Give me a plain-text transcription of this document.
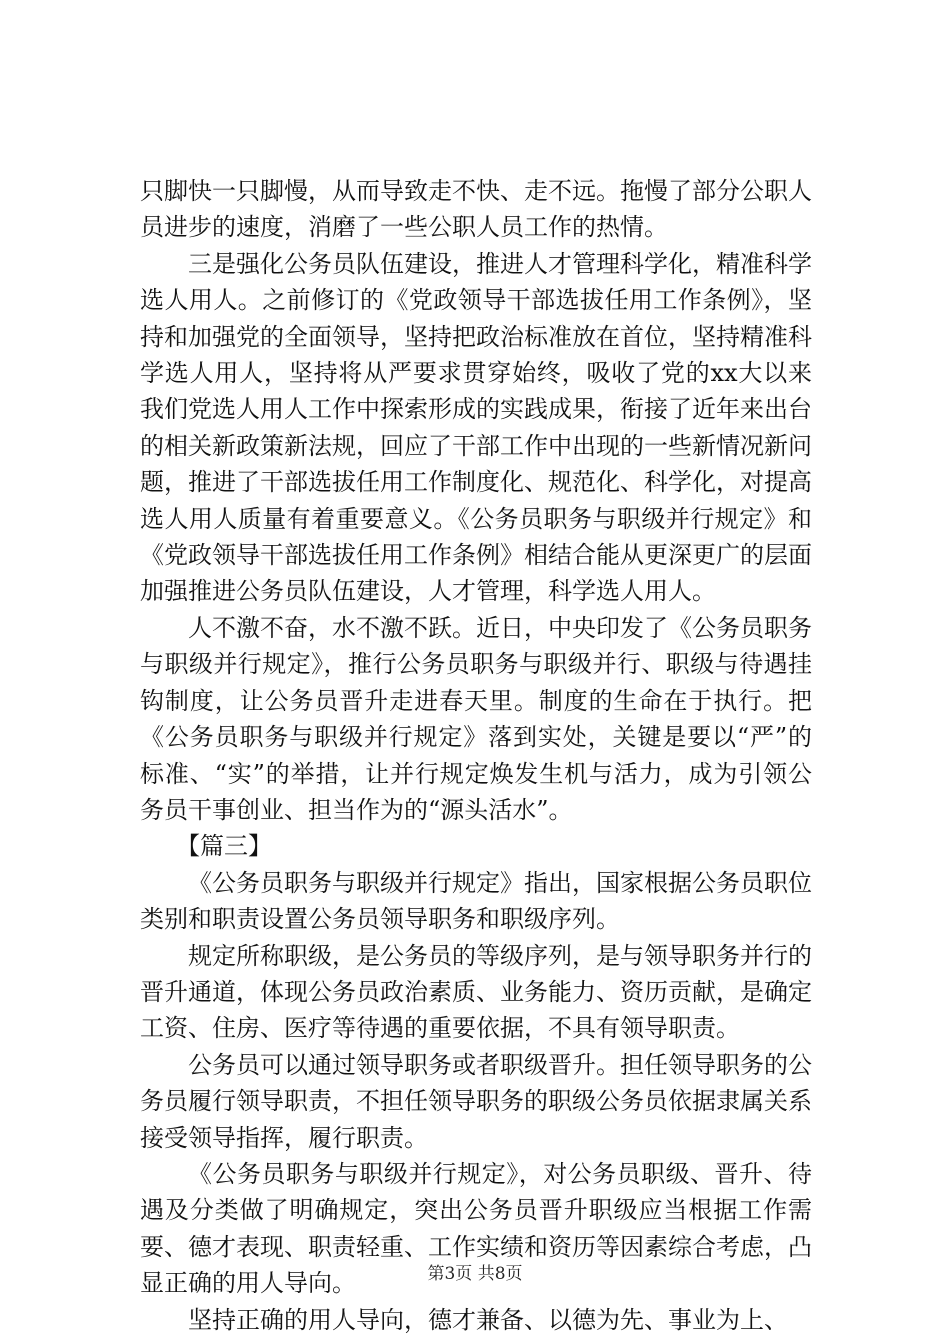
只脚快一只脚慢，从而导致走不快、走不远。拖慢了部分公职人员进步的速度，消磨了一些公职人员工作的热情。

三是强化公务员队伍建设，推进人才管理科学化，精准科学选人用人。之前修订的《党政领导干部选拔任用工作条例》，坚持和加强党的全面领导，坚持把政治标准放在首位，坚持精准科学选人用人，坚持将从严要求贯穿始终，吸收了党的xx大以来我们党选人用人工作中探索形成的实践成果，衔接了近年来出台的相关新政策新法规，回应了干部工作中出现的一些新情况新问题，推进了干部选拔任用工作制度化、规范化、科学化，对提高选人用人质量有着重要意义。《公务员职务与职级并行规定》和《党政领导干部选拔任用工作条例》相结合能从更深更广的层面加强推进公务员队伍建设，人才管理，科学选人用人。

人不激不奋，水不激不跃。近日，中央印发了《公务员职务与职级并行规定》，推行公务员职务与职级并行、职级与待遇挂钩制度，让公务员晋升走进春天里。制度的生命在于执行。把《公务员职务与职级并行规定》落到实处，关键是要以“严”的标准、“实”的举措，让并行规定焕发生机与活力，成为引领公务员干事创业、担当作为的“源头活水”。

【篇三】

《公务员职务与职级并行规定》指出，国家根据公务员职位类别和职责设置公务员领导职务和职级序列。

规定所称职级，是公务员的等级序列，是与领导职务并行的晋升通道，体现公务员政治素质、业务能力、资历贡献，是确定工资、住房、医疗等待遇的重要依据，不具有领导职责。

公务员可以通过领导职务或者职级晋升。担任领导职务的公务员履行领导职责，不担任领导职务的职级公务员依据隶属关系接受领导指挥，履行职责。

《公务员职务与职级并行规定》，对公务员职级、晋升、待遇及分类做了明确规定，突出公务员晋升职级应当根据工作需要、德才表现、职责轻重、工作实绩和资历等因素综合考虑，凸显正确的用人导向。

坚持正确的用人导向，德才兼备、以德为先、事业为上、

第3页 共8页
